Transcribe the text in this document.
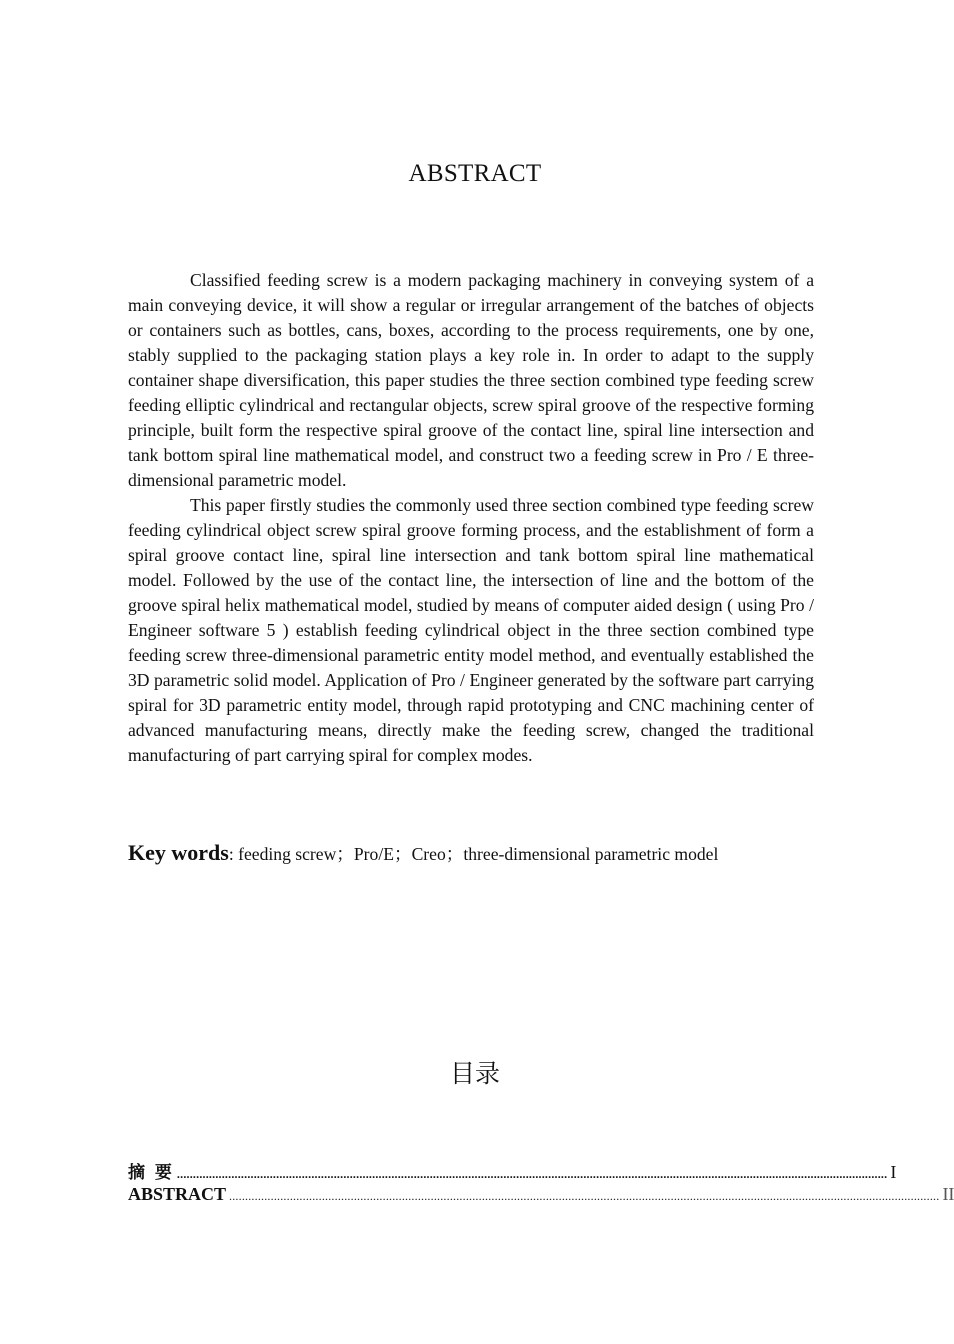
ABSTRACT

Classified feeding screw is a modern packaging machinery in conveying system of a main conveying device, it will show a regular or irregular arrangement of the batches of objects or containers such as bottles, cans, boxes, according to the process requirements, one by one, stably supplied to the packaging station plays a key role in. In order to adapt to the supply container shape diversification, this paper studies the three section combined type feeding screw feeding elliptic cylindrical and rectangular objects, screw spiral groove of the respective forming principle, built form the respective spiral groove of the contact line, spiral line intersection and tank bottom spiral line mathematical model, and construct two a feeding screw in Pro / E three-dimensional parametric model.

This paper firstly studies the commonly used three section combined type feeding screw feeding cylindrical object screw spiral groove forming process, and the establishment of form a spiral groove contact line, spiral line intersection and tank bottom spiral line mathematical model. Followed by the use of the contact line, the intersection of line and the bottom of the groove spiral helix mathematical model, studied by means of computer aided design ( using Pro / Engineer software 5 ) establish feeding cylindrical object in the three section combined type feeding screw three-dimensional parametric entity model method, and eventually established the 3D parametric solid model. Application of Pro / Engineer generated by the software part carrying spiral for 3D parametric entity model, through rapid prototyping and CNC machining center of advanced manufacturing means, directly make the feeding screw, changed the traditional manufacturing of part carrying spiral for complex modes.

Key words: feeding screw；Pro/E；Creo；three-dimensional parametric model
目录
摘 要 .............................................................................................................................................................................................................................. I
ABSTRACT .............................................................................................................................................................................................................................. II
